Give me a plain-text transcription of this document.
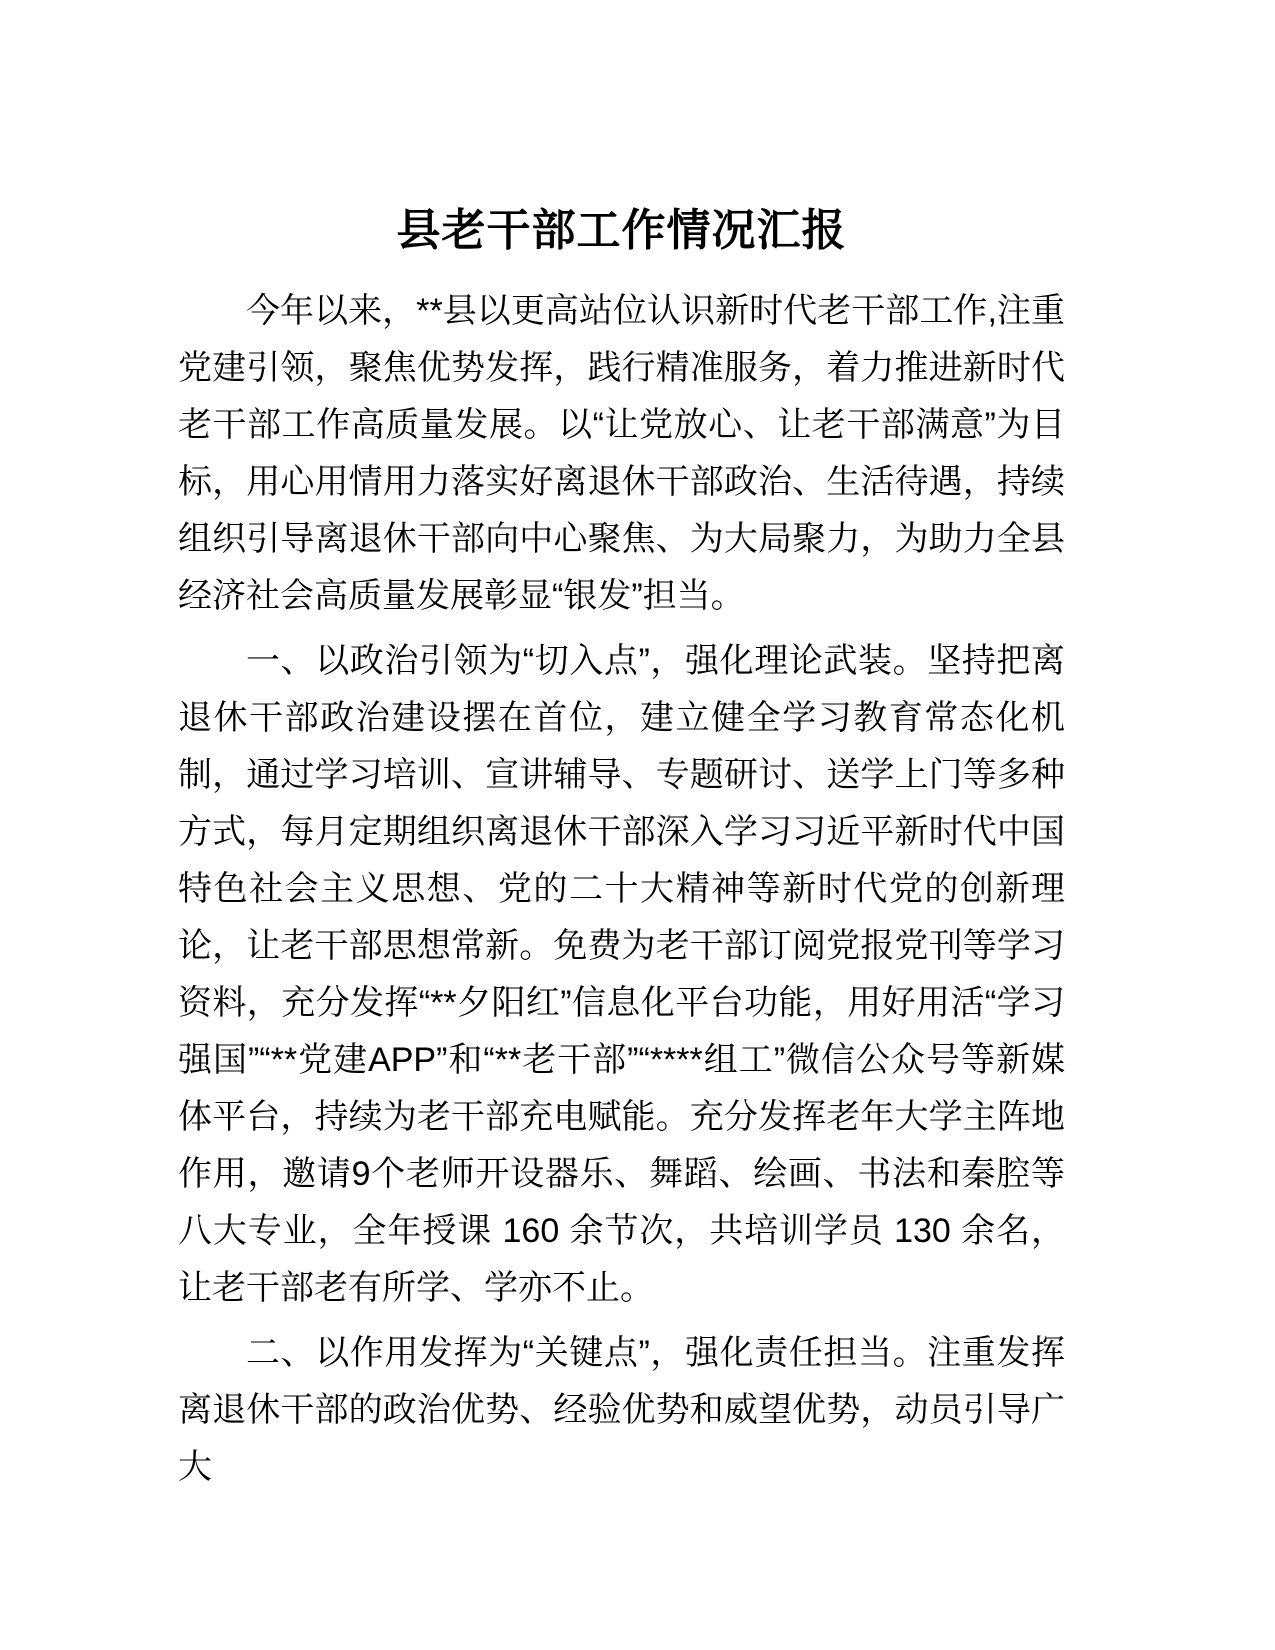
县老干部工作情况汇报

今年以来，**县以更高站位认识新时代老干部工作,注重党建引领，聚焦优势发挥，践行精准服务，着力推进新时代老干部工作高质量发展。以“让党放心、让老干部满意”为目标，用心用情用力落实好离退休干部政治、生活待遇，持续组织引导离退休干部向中心聚焦、为大局聚力，为助力全县经济社会高质量发展彰显“银发”担当。

一、以政治引领为“切入点”，强化理论武装。坚持把离退休干部政治建设摆在首位，建立健全学习教育常态化机制，通过学习培训、宣讲辅导、专题研讨、送学上门等多种方式，每月定期组织离退休干部深入学习习近平新时代中国特色社会主义思想、党的二十大精神等新时代党的创新理论，让老干部思想常新。免费为老干部订阅党报党刊等学习资料，充分发挥“**夕阳红”信息化平台功能，用好用活“学习强国”“**党建APP”和“**老干部”“****组工”微信公众号等新媒体平台，持续为老干部充电赋能。充分发挥老年大学主阵地作用，邀请9个老师开设器乐、舞蹈、绘画、书法和秦腔等八大专业，全年授课 160 余节次，共培训学员 130 余名，让老干部老有所学、学亦不止。

二、以作用发挥为“关键点”，强化责任担当。注重发挥离退休干部的政治优势、经验优势和威望优势，动员引导广大
